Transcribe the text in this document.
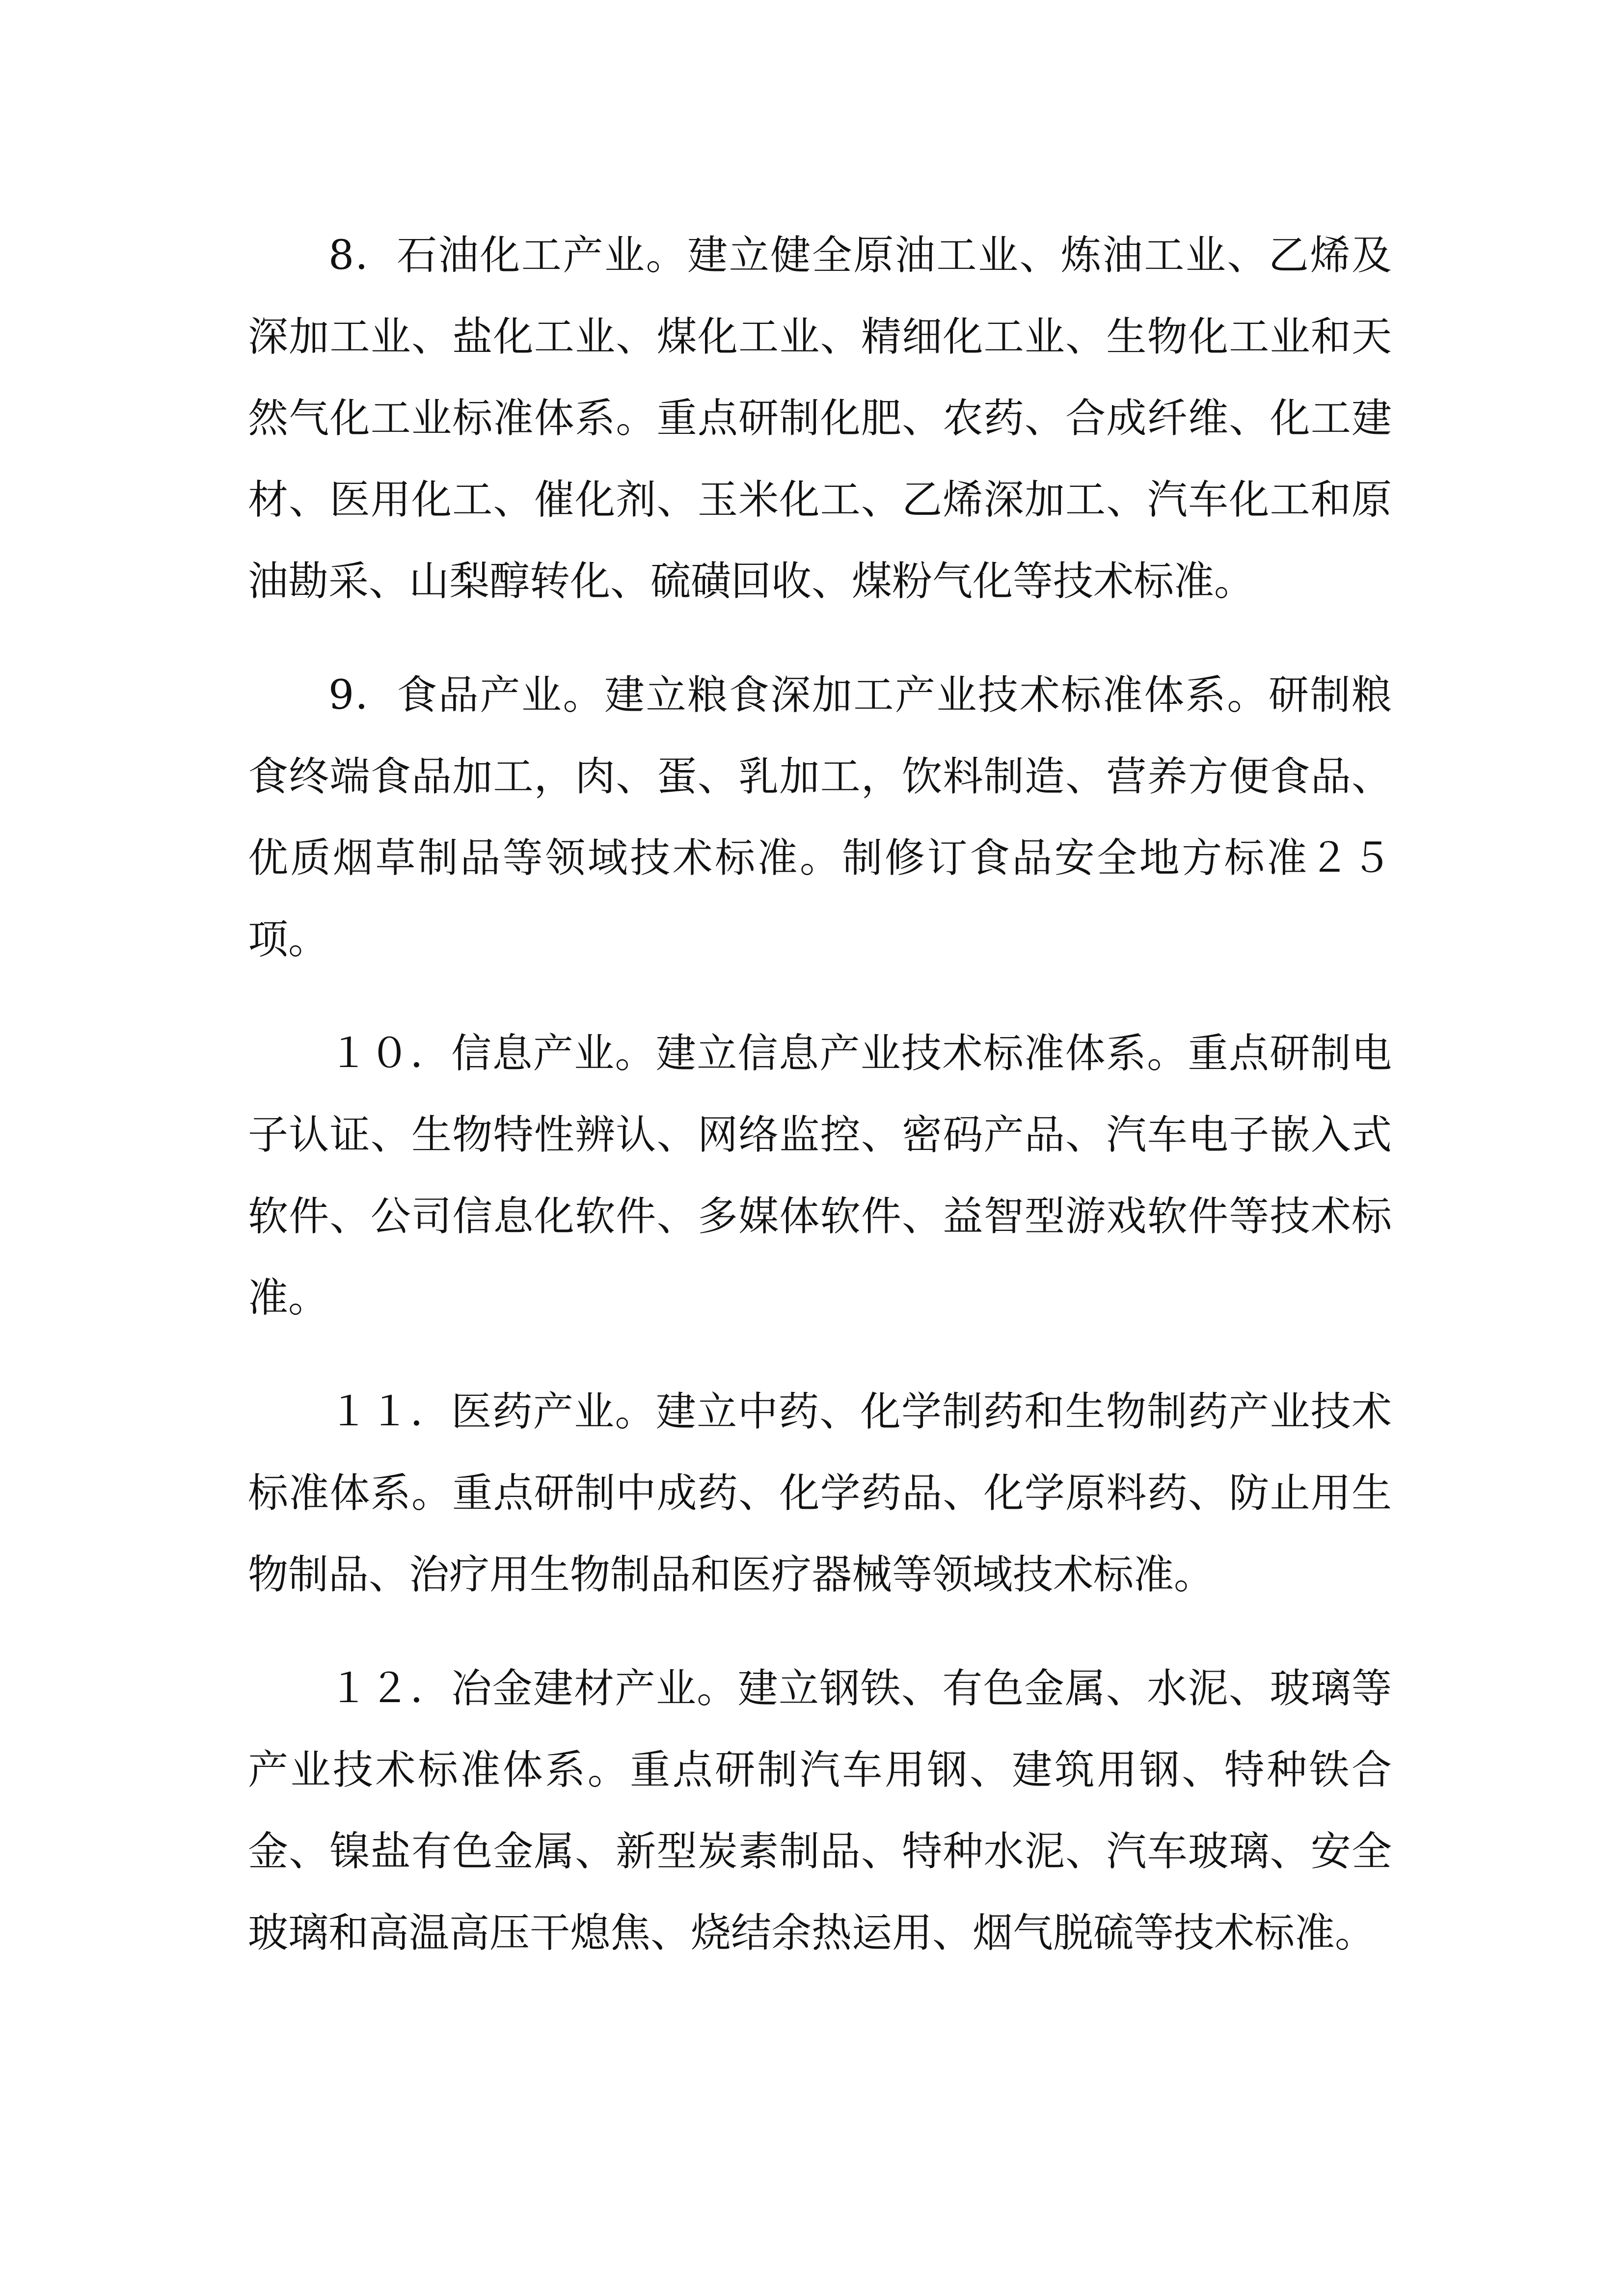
8．石油化工产业。建立健全原油工业、炼油工业、乙烯及深加工业、盐化工业、煤化工业、精细化工业、生物化工业和天然气化工业标准体系。重点研制化肥、农药、合成纤维、化工建材、医用化工、催化剂、玉米化工、乙烯深加工、汽车化工和原油勘采、山梨醇转化、硫磺回收、煤粉气化等技术标准。

9．食品产业。建立粮食深加工产业技术标准体系。研制粮食终端食品加工，肉、蛋、乳加工，饮料制造、营养方便食品、优质烟草制品等领域技术标准。制修订食品安全地方标准２５项。

１０．信息产业。建立信息产业技术标准体系。重点研制电子认证、生物特性辨认、网络监控、密码产品、汽车电子嵌入式软件、公司信息化软件、多媒体软件、益智型游戏软件等技术标准。

１１．医药产业。建立中药、化学制药和生物制药产业技术标准体系。重点研制中成药、化学药品、化学原料药、防止用生物制品、治疗用生物制品和医疗器械等领域技术标准。

１２．冶金建材产业。建立钢铁、有色金属、水泥、玻璃等产业技术标准体系。重点研制汽车用钢、建筑用钢、特种铁合金、镍盐有色金属、新型炭素制品、特种水泥、汽车玻璃、安全玻璃和高温高压干熄焦、烧结余热运用、烟气脱硫等技术标准。
